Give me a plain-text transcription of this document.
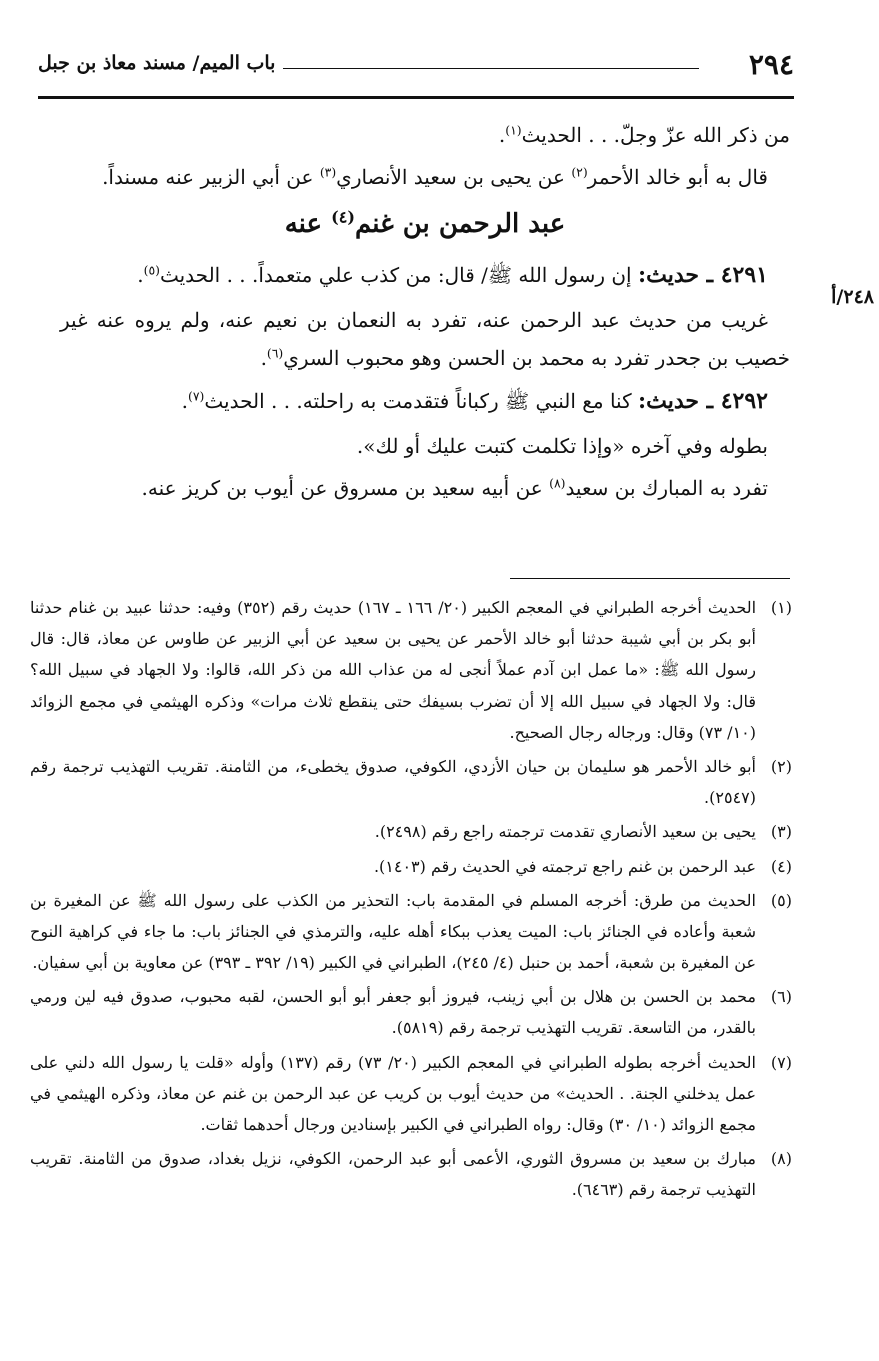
٢٩٤
باب الميم/ مسند معاذ بن جبل
٢٤٨/أ

من ذكر الله عزّ وجلّ. . . الحديث$^{(١)}$.

قال به أبو خالد الأحمر$^{(٢)}$ عن يحيى بن سعيد الأنصاري$^{(٣)}$ عن أبي الزبير عنه مسنداً.

عبد الرحمن بن غنم$^{(٤)}$ عنه

٤٢٩١ ـ حديث: إن رسول الله ﷺ/ قال: من كذب علي متعمداً. . . الحديث$^{(٥)}$.

غريب من حديث عبد الرحمن عنه، تفرد به النعمان بن نعيم عنه، ولم يروه عنه غير خصيب بن جحدر تفرد به محمد بن الحسن وهو محبوب السري$^{(٦)}$.

٤٢٩٢ ـ حديث: كنا مع النبي ﷺ ركباناً فتقدمت به راحلته. . . الحديث$^{(٧)}$.

بطوله وفي آخره «وإذا تكلمت كتبت عليك أو لك».

تفرد به المبارك بن سعيد$^{(٨)}$ عن أبيه سعيد بن مسروق عن أيوب بن كريز عنه.

(١)
الحديث أخرجه الطبراني في المعجم الكبير (٢٠/ ١٦٦ ـ ١٦٧) حديث رقم (٣٥٢) وفيه: حدثنا عبيد بن غنام حدثنا أبو بكر بن أبي شيبة حدثنا أبو خالد الأحمر عن يحيى بن سعيد عن أبي الزبير عن طاوس عن معاذ، قال: قال رسول الله ﷺ: «ما عمل ابن آدم عملاً أنجى له من عذاب الله من ذكر الله، قالوا: ولا الجهاد في سبيل الله؟ قال: ولا الجهاد في سبيل الله إلا أن تضرب بسيفك حتى ينقطع ثلاث مرات» وذكره الهيثمي في مجمع الزوائد (١٠/ ٧٣) وقال: ورجاله رجال الصحيح.
(٢)
أبو خالد الأحمر هو سليمان بن حيان الأزدي، الكوفي، صدوق يخطىء، من الثامنة. تقريب التهذيب ترجمة رقم (٢٥٤٧).
(٣)
يحيى بن سعيد الأنصاري تقدمت ترجمته راجع رقم (٢٤٩٨).
(٤)
عبد الرحمن بن غنم راجع ترجمته في الحديث رقم (١٤٠٣).
(٥)
الحديث من طرق: أخرجه المسلم في المقدمة باب: التحذير من الكذب على رسول الله ﷺ عن المغيرة بن شعبة وأعاده في الجنائز باب: الميت يعذب ببكاء أهله عليه، والترمذي في الجنائز باب: ما جاء في كراهية النوح عن المغيرة بن شعبة، أحمد بن حنبل (٤/ ٢٤٥)، الطبراني في الكبير (١٩/ ٣٩٢ ـ ٣٩٣) عن معاوية بن أبي سفيان.
(٦)
محمد بن الحسن بن هلال بن أبي زينب، فيروز أبو جعفر أبو أبو الحسن، لقبه محبوب، صدوق فيه لين ورمي بالقدر، من التاسعة. تقريب التهذيب ترجمة رقم (٥٨١٩).
(٧)
الحديث أخرجه بطوله الطبراني في المعجم الكبير (٢٠/ ٧٣) رقم (١٣٧) وأوله «قلت يا رسول الله دلني على عمل يدخلني الجنة. . الحديث» من حديث أيوب بن كريب عن عبد الرحمن بن غنم عن معاذ، وذكره الهيثمي في مجمع الزوائد (١٠/ ٣٠) وقال: رواه الطبراني في الكبير بإسنادين ورجال أحدهما ثقات.
(٨)
مبارك بن سعيد بن مسروق الثوري، الأعمى أبو عبد الرحمن، الكوفي، نزيل بغداد، صدوق من الثامنة. تقريب التهذيب ترجمة رقم (٦٤٦٣).
